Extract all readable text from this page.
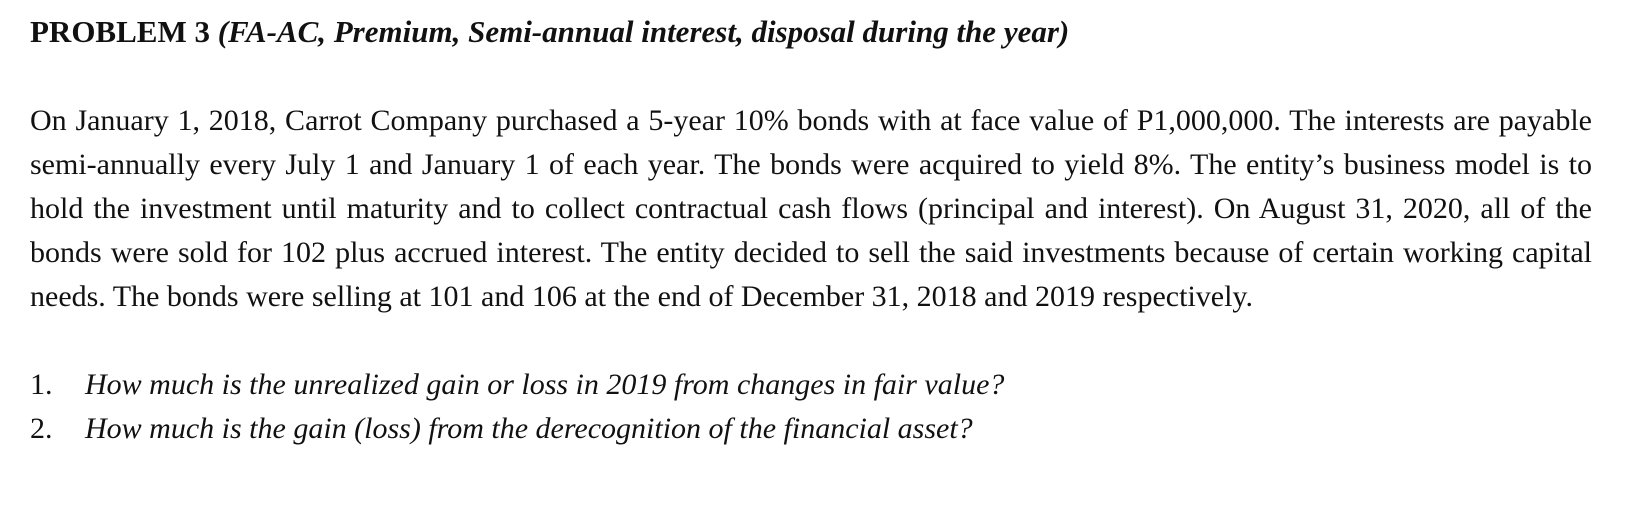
PROBLEM 3 (FA-AC, Premium, Semi-annual interest, disposal during the year)

On January 1, 2018, Carrot Company purchased a 5-year 10% bonds with at face value of P1,000,000. The interests are payable semi-annually every July 1 and January 1 of each year. The bonds were acquired to yield 8%. The entity’s business model is to hold the investment until maturity and to collect contractual cash flows (principal and interest). On August 31, 2020, all of the bonds were sold for 102 plus accrued interest. The entity decided to sell the said investments because of certain working capital needs. The bonds were selling at 101 and 106 at the end of December 31, 2018 and 2019 respectively.

1.	How much is the unrealized gain or loss in 2019 from changes in fair value?
2.	How much is the gain (loss) from the derecognition of the financial asset?
